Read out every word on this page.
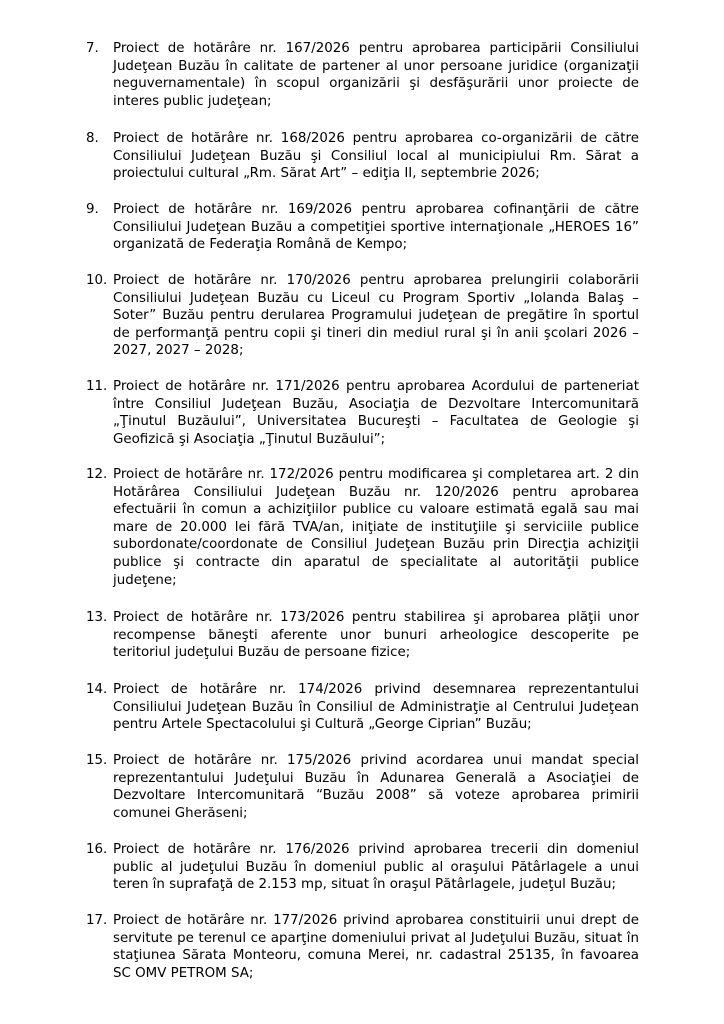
7.	Proiect de hotărâre nr. 167/2026 pentru aprobarea participării Consiliului Judeţean Buzău în calitate de partener al unor persoane juridice (organizaţii neguvernamentale) în scopul organizării şi desfăşurării unor proiecte de interes public judeţean;
8.	Proiect de hotărâre nr. 168/2026 pentru aprobarea co-organizării de către Consiliului Judeţean Buzău şi Consiliul local al municipiului Rm. Sărat a proiectului cultural „Rm. Sărat Art” – ediţia II, septembrie 2026;
9.	Proiect de hotărâre nr. 169/2026 pentru aprobarea cofinanţării de către Consiliului Judeţean Buzău a competiţiei sportive internaţionale „HEROES 16” organizată de Federaţia Română de Kempo;
10. Proiect de hotărâre nr. 170/2026 pentru aprobarea prelungirii colaborării Consiliului Judeţean Buzău cu Liceul cu Program Sportiv „Iolanda Balaş – Soter” Buzău pentru derularea Programului judeţean de pregătire în sportul de performanţă pentru copii şi tineri din mediul rural şi în anii şcolari 2026 – 2027, 2027 – 2028;
11. Proiect de hotărâre nr. 171/2026 pentru aprobarea Acordului de parteneriat între Consiliul Judeţean Buzău, Asociaţia de Dezvoltare Intercomunitară „Ţinutul Buzăului”, Universitatea Bucureşti – Facultatea de Geologie şi Geofizică şi Asociaţia „Ţinutul Buzăului”;
12. Proiect de hotărâre nr. 172/2026 pentru modificarea şi completarea art. 2 din Hotărârea Consiliului Judeţean Buzău nr. 120/2026 pentru aprobarea efectuării în comun a achiziţiilor publice cu valoare estimată egală sau mai mare de 20.000 lei fără TVA/an, iniţiate de instituţiile şi serviciile publice subordonate/coordonate de Consiliul Judeţean Buzău prin Direcţia achiziţii publice şi contracte din aparatul de specialitate al autorităţii publice judeţene;
13. Proiect de hotărâre nr. 173/2026 pentru stabilirea şi aprobarea plăţii unor recompense băneşti aferente unor bunuri arheologice descoperite pe teritoriul judeţului Buzău de persoane fizice;
14. Proiect de hotărâre nr. 174/2026 privind desemnarea reprezentantului Consiliului Judeţean Buzău în Consiliul de Administraţie al Centrului Judeţean pentru Artele Spectacolului şi Cultură „George Ciprian” Buzău;
15. Proiect de hotărâre nr. 175/2026 privind acordarea unui mandat special reprezentantului Judeţului Buzău în Adunarea Generală a Asociaţiei de Dezvoltare Intercomunitară “Buzău 2008” să voteze aprobarea primirii comunei Gherăseni;
16. Proiect de hotărâre nr. 176/2026 privind aprobarea trecerii din domeniul public al judeţului Buzău în domeniul public al oraşului Pătârlagele a unui teren în suprafaţă de 2.153 mp, situat în oraşul Pătârlagele, judeţul Buzău;
17. Proiect de hotărâre nr. 177/2026 privind aprobarea constituirii unui drept de servitute pe terenul ce aparţine domeniului privat al Judeţului Buzău, situat în staţiunea Sărata Monteoru, comuna Merei, nr. cadastral 25135, în favoarea SC OMV PETROM SA;
